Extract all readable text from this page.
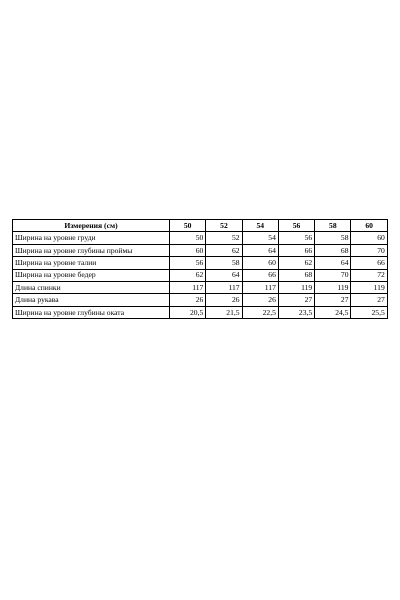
Измерения (см)	50	52	54	56	58	60
Ширина на уровне груди	50	52	54	56	58	60
Ширина на уровне глубины проймы	60	62	64	66	68	70
Ширина на уровне талии	56	58	60	62	64	66
Ширина на уровне бедер	62	64	66	68	70	72
Длина спинки	117	117	117	119	119	119
Длина рукава	26	26	26	27	27	27
Ширина на уровне глубины оката	20,5	21,5	22,5	23,5	24,5	25,5
